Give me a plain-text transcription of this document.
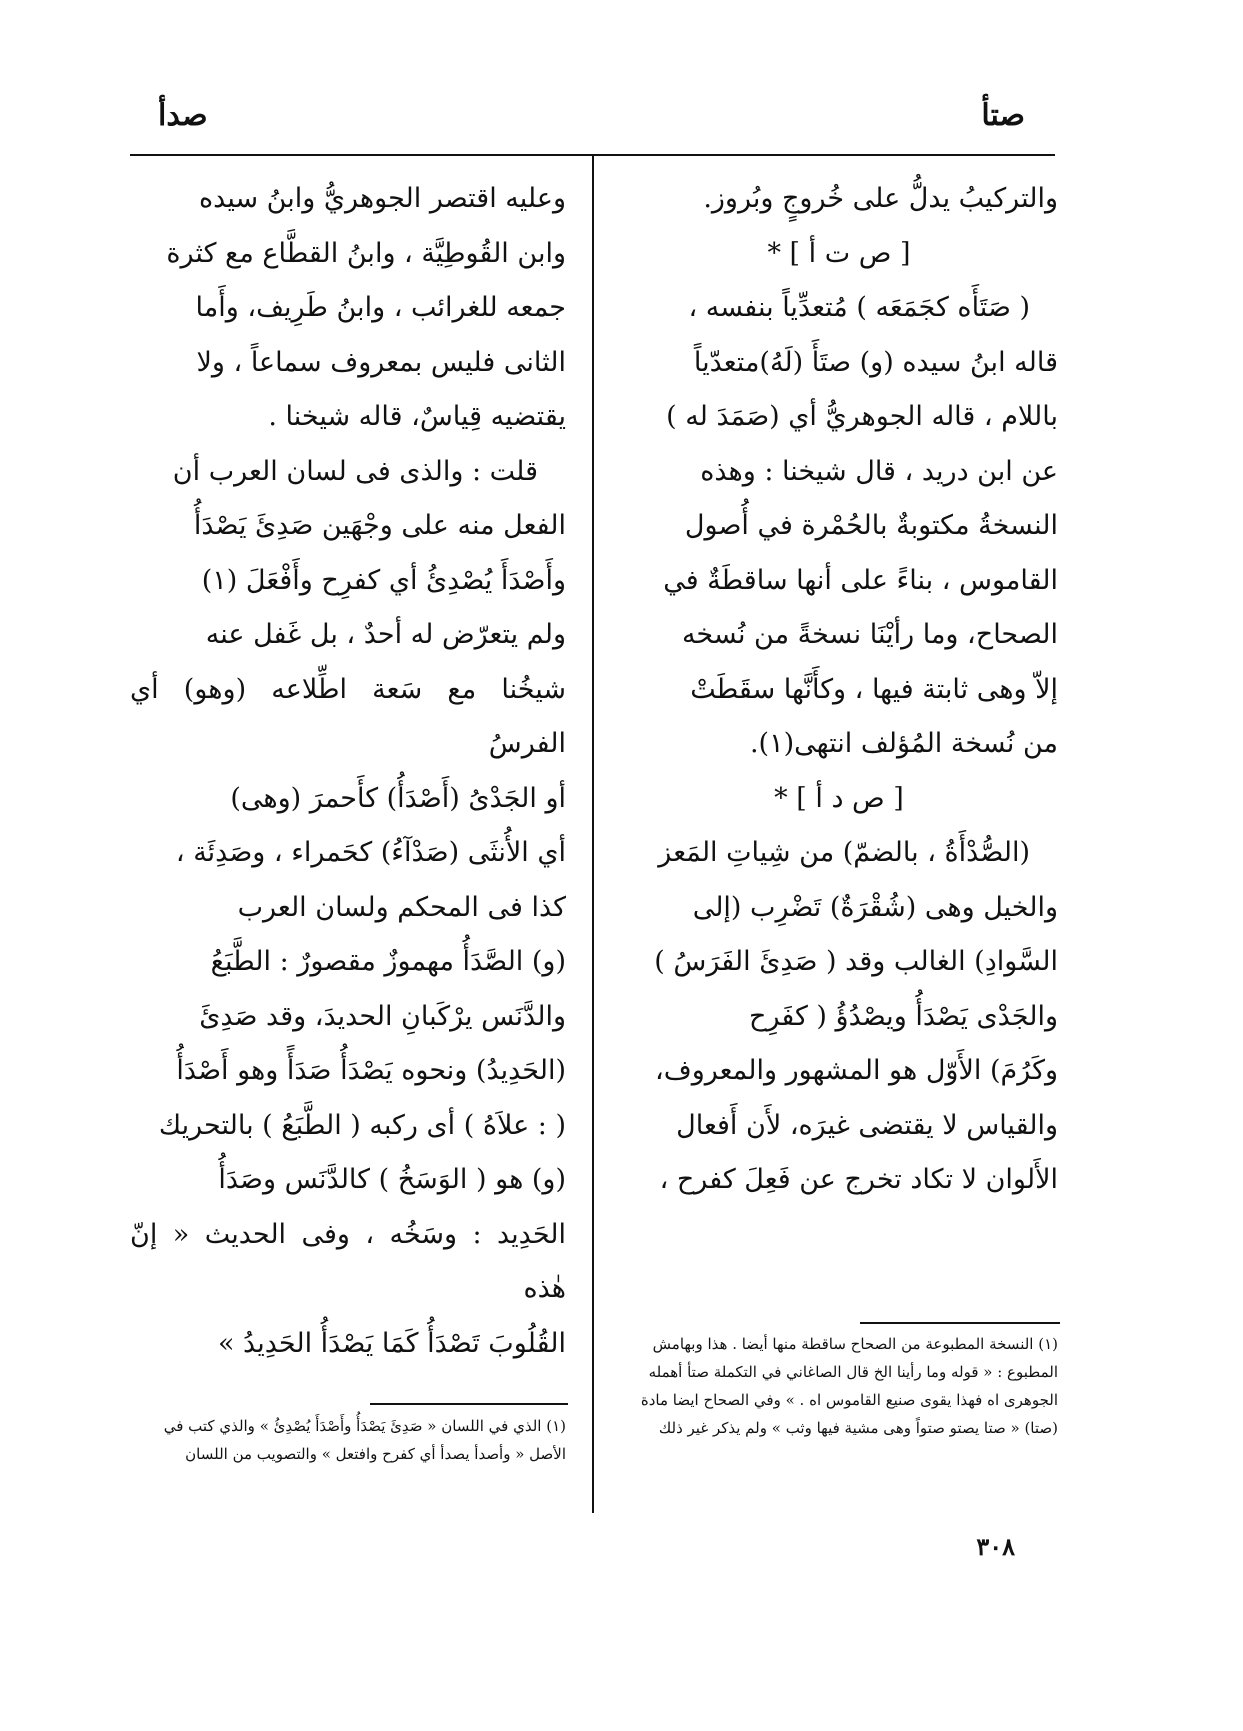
صتأ
صدأ

والتركيبُ يدلُّ على خُروجٍ وبُروز.

[ ص ت أ ] *

( صَتَأَه كجَمَعَه ) مُتعدِّياً بنفسه ،

قاله ابنُ سيده (و) صتَأَ (لَهُ)متعدّياً

باللام ، قاله الجوهريُّ أي (صَمَدَ له )

عن ابن دريد ، قال شيخنا : وهذه

النسخةُ مكتوبةٌ بالحُمْرة في أُصول

القاموس ، بناءً على أنها ساقطَةٌ في

الصحاح، وما رأيْنَا نسخةً من نُسخه

إلاّ وهى ثابتة فيها ، وكأَنَّها سقَطَتْ

من نُسخة المُؤلف انتهى(١).

[ ص د أ ] *

(الصُّدْأَةُ ، بالضمّ) من شِياتِ المَعز

والخيل وهى (شُقْرَةٌ) تَضْرِب (إلى

السَّوادِ) الغالب وقد ( صَدِئَ الفَرَسُ )

والجَدْى يَصْدَأُ ويصْدُؤُ ( كفَرِح

وكَرُمَ) الأَوّل هو المشهور والمعروف،

والقياس لا يقتضى غيرَه، لأَن أَفعال

الأَلوان لا تكاد تخرج عن فَعِلَ كفرح ،

(١) النسخة المطبوعة من الصحاح ساقطة منها أيضا . هذا وبهامش المطبوع : « قوله وما رأينا الخ قال الصاغاني في التكملة صتأ أهمله الجوهرى اه فهذا يقوى صنيع القاموس اه . » وفي الصحاح ايضا مادة (صتا) « صتا يصتو صتواً وهى مشية فيها وثب » ولم يذكر غير ذلك

وعليه اقتصر الجوهريُّ وابنُ سيده

وابن القُوطِيَّة ، وابنُ القطَّاع مع كثرة

جمعه للغرائب ، وابنُ طَرِيف، وأَما

الثانى فليس بمعروف سماعاً ، ولا

يقتضيه قِياسٌ، قاله شيخنا .

قلت : والذى فى لسان العرب أن

الفعل منه على وجْهَين صَدِئَ يَصْدَأُ

وأَصْدَأَ يُصْدِئُ أي كفرِح وأَفْعَلَ (١)

ولم يتعرّض له أحدٌ ، بل غَفل عنه

شيخُنا مع سَعة اطِّلاعه (وهو) أي الفرسُ

أو الجَدْىُ (أَصْدَأُ) كأَحمرَ (وهى)

أي الأُنثَى (صَدْآءُ) كحَمراء ، وصَدِئَة ،

كذا فى المحكم ولسان العرب

(و) الصَّدَأُ مهموزٌ مقصورٌ : الطَّبَعُ

والدَّنَس يرْكَبانِ الحديدَ، وقد صَدِئَ

(الحَدِيدُ) ونحوه يَصْدَأُ صَدَأً وهو أَصْدَأُ

( : علاَهُ ) أى ركبه ( الطَّبَعُ ) بالتحريك

(و) هو ( الوَسَخُ ) كالدَّنَس وصَدَأُ

الحَدِيد : وسَخُه ، وفى الحديث « إنّ هٰذه

القُلُوبَ تَصْدَأُ كَمَا يَصْدَأُ الحَدِيدُ »

(١) الذي في اللسان « صَدِئَ يَصْدَأُ وأَصْدَأَ يُصْدِئُ » والذي كتب في الأصل « وأصدأ يصدأ أي كفرح وافتعل » والتصويب من اللسان
٣٠٨
